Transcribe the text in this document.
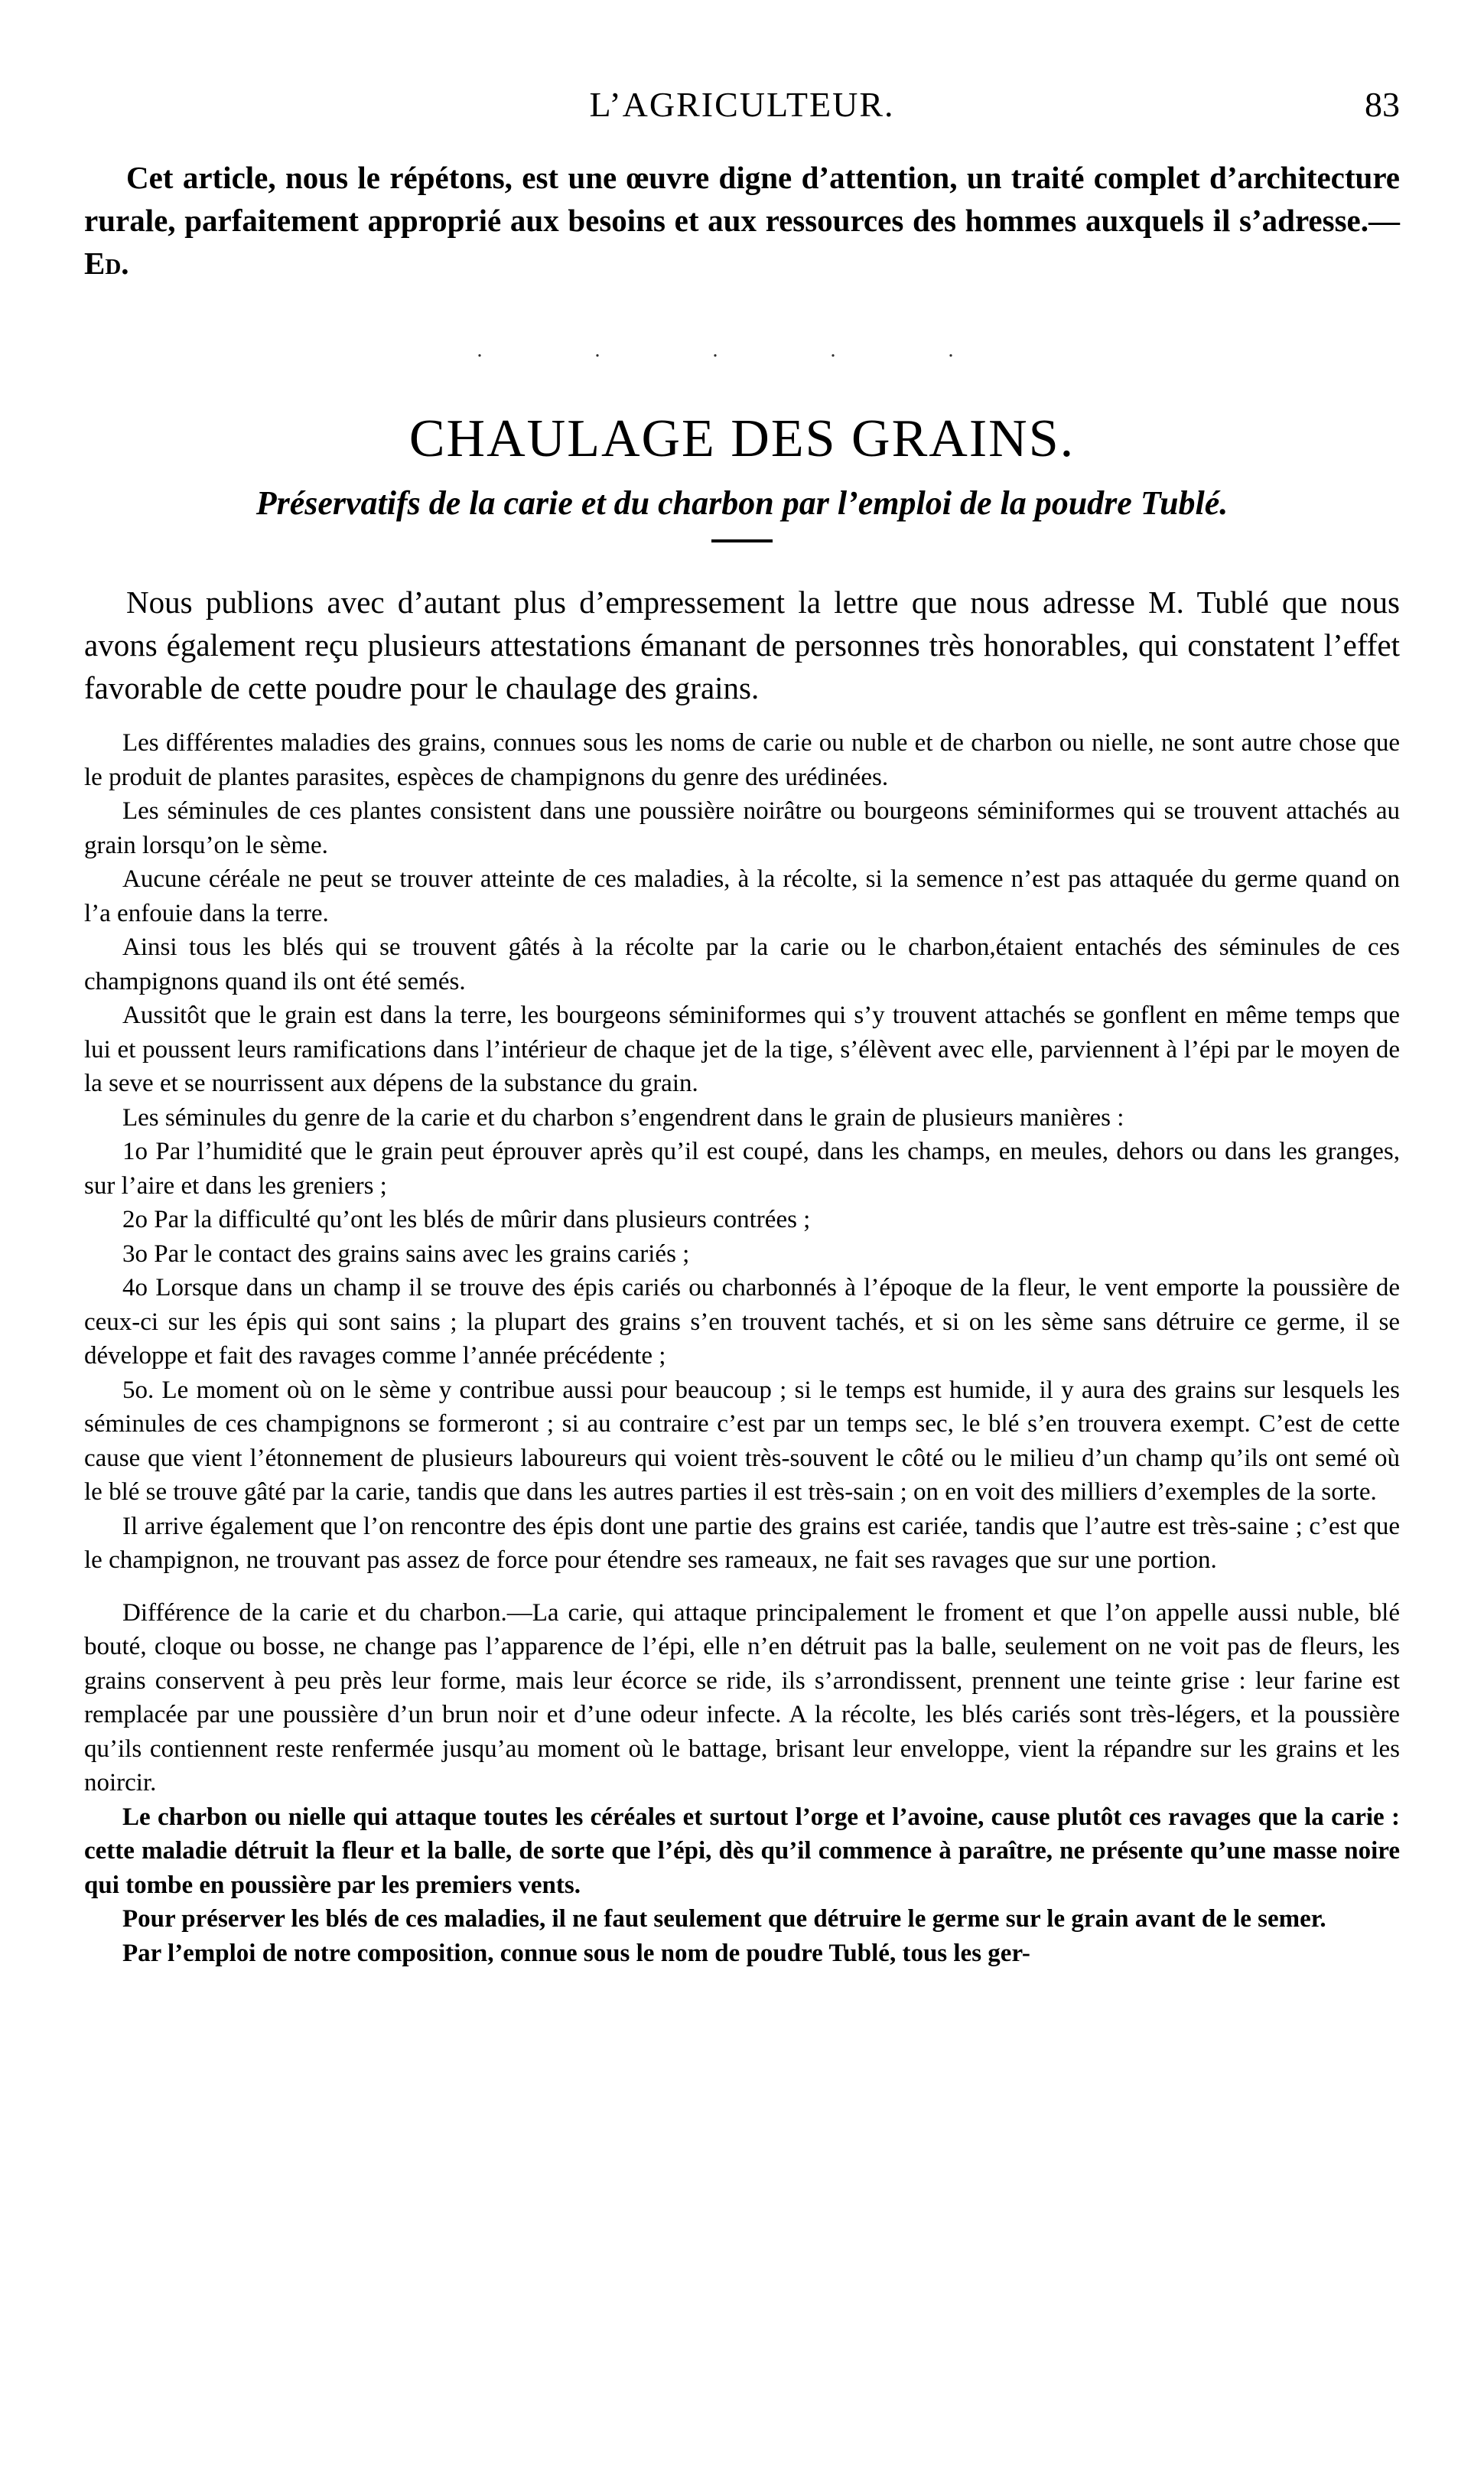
L’AGRICULTEUR.	83

Cet article, nous le répétons, est une œuvre digne d’attention, un traité complet d’architecture rurale, parfaitement approprié aux besoins et aux ressources des hommes auxquels il s’adresse.—Ed.

. . . . .
CHAULAGE DES GRAINS.
Préservatifs de la carie et du charbon par l’emploi de la poudre Tublé.

Nous publions avec d’autant plus d’empressement la lettre que nous adresse M. Tublé que nous avons également reçu plusieurs attestations émanant de personnes très honorables, qui constatent l’effet favorable de cette poudre pour le chaulage des grains.

Les différentes maladies des grains, connues sous les noms de carie ou nuble et de charbon ou nielle, ne sont autre chose que le produit de plantes parasites, espèces de champignons du genre des urédinées.

Les séminules de ces plantes consistent dans une poussière noirâtre ou bourgeons séminiformes qui se trouvent attachés au grain lorsqu’on le sème.

Aucune céréale ne peut se trouver atteinte de ces maladies, à la récolte, si la semence n’est pas attaquée du germe quand on l’a enfouie dans la terre.

Ainsi tous les blés qui se trouvent gâtés à la récolte par la carie ou le charbon,étaient entachés des séminules de ces champignons quand ils ont été semés.

Aussitôt que le grain est dans la terre, les bourgeons séminiformes qui s’y trouvent attachés se gonflent en même temps que lui et poussent leurs ramifications dans l’intérieur de chaque jet de la tige, s’élèvent avec elle, parviennent à l’épi par le moyen de la seve et se nourrissent aux dépens de la substance du grain.

Les séminules du genre de la carie et du charbon s’engendrent dans le grain de plusieurs manières :

1o Par l’humidité que le grain peut éprouver après qu’il est coupé, dans les champs, en meules, dehors ou dans les granges, sur l’aire et dans les greniers ;

2o Par la difficulté qu’ont les blés de mûrir dans plusieurs contrées ;

3o Par le contact des grains sains avec les grains cariés ;

4o Lorsque dans un champ il se trouve des épis cariés ou charbonnés à l’époque de la fleur, le vent emporte la poussière de ceux-ci sur les épis qui sont sains ; la plupart des grains s’en trouvent tachés, et si on les sème sans détruire ce germe, il se développe et fait des ravages comme l’année précédente ;

5o. Le moment où on le sème y contribue aussi pour beaucoup ; si le temps est humide, il y aura des grains sur lesquels les séminules de ces champignons se formeront ; si au contraire c’est par un temps sec, le blé s’en trouvera exempt. C’est de cette cause que vient l’étonnement de plusieurs laboureurs qui voient très-souvent le côté ou le milieu d’un champ qu’ils ont semé où le blé se trouve gâté par la carie, tandis que dans les autres parties il est très-sain ; on en voit des milliers d’exemples de la sorte.

Il arrive également que l’on rencontre des épis dont une partie des grains est cariée, tandis que l’autre est très-saine ; c’est que le champignon, ne trouvant pas assez de force pour étendre ses rameaux, ne fait ses ravages que sur une portion.

Différence de la carie et du charbon.—La carie, qui attaque principalement le froment et que l’on appelle aussi nuble, blé bouté, cloque ou bosse, ne change pas l’apparence de l’épi, elle n’en détruit pas la balle, seulement on ne voit pas de fleurs, les grains conservent à peu près leur forme, mais leur écorce se ride, ils s’arrondissent, prennent une teinte grise : leur farine est remplacée par une poussière d’un brun noir et d’une odeur infecte. A la récolte, les blés cariés sont très-légers, et la poussière qu’ils contiennent reste renfermée jusqu’au moment où le battage, brisant leur enveloppe, vient la répandre sur les grains et les noircir.

Le charbon ou nielle qui attaque toutes les céréales et surtout l’orge et l’avoine, cause plutôt ces ravages que la carie : cette maladie détruit la fleur et la balle, de sorte que l’épi, dès qu’il commence à paraître, ne présente qu’une masse noire qui tombe en poussière par les premiers vents.

Pour préserver les blés de ces maladies, il ne faut seulement que détruire le germe sur le grain avant de le semer.

Par l’emploi de notre composition, connue sous le nom de poudre Tublé, tous les ger-
